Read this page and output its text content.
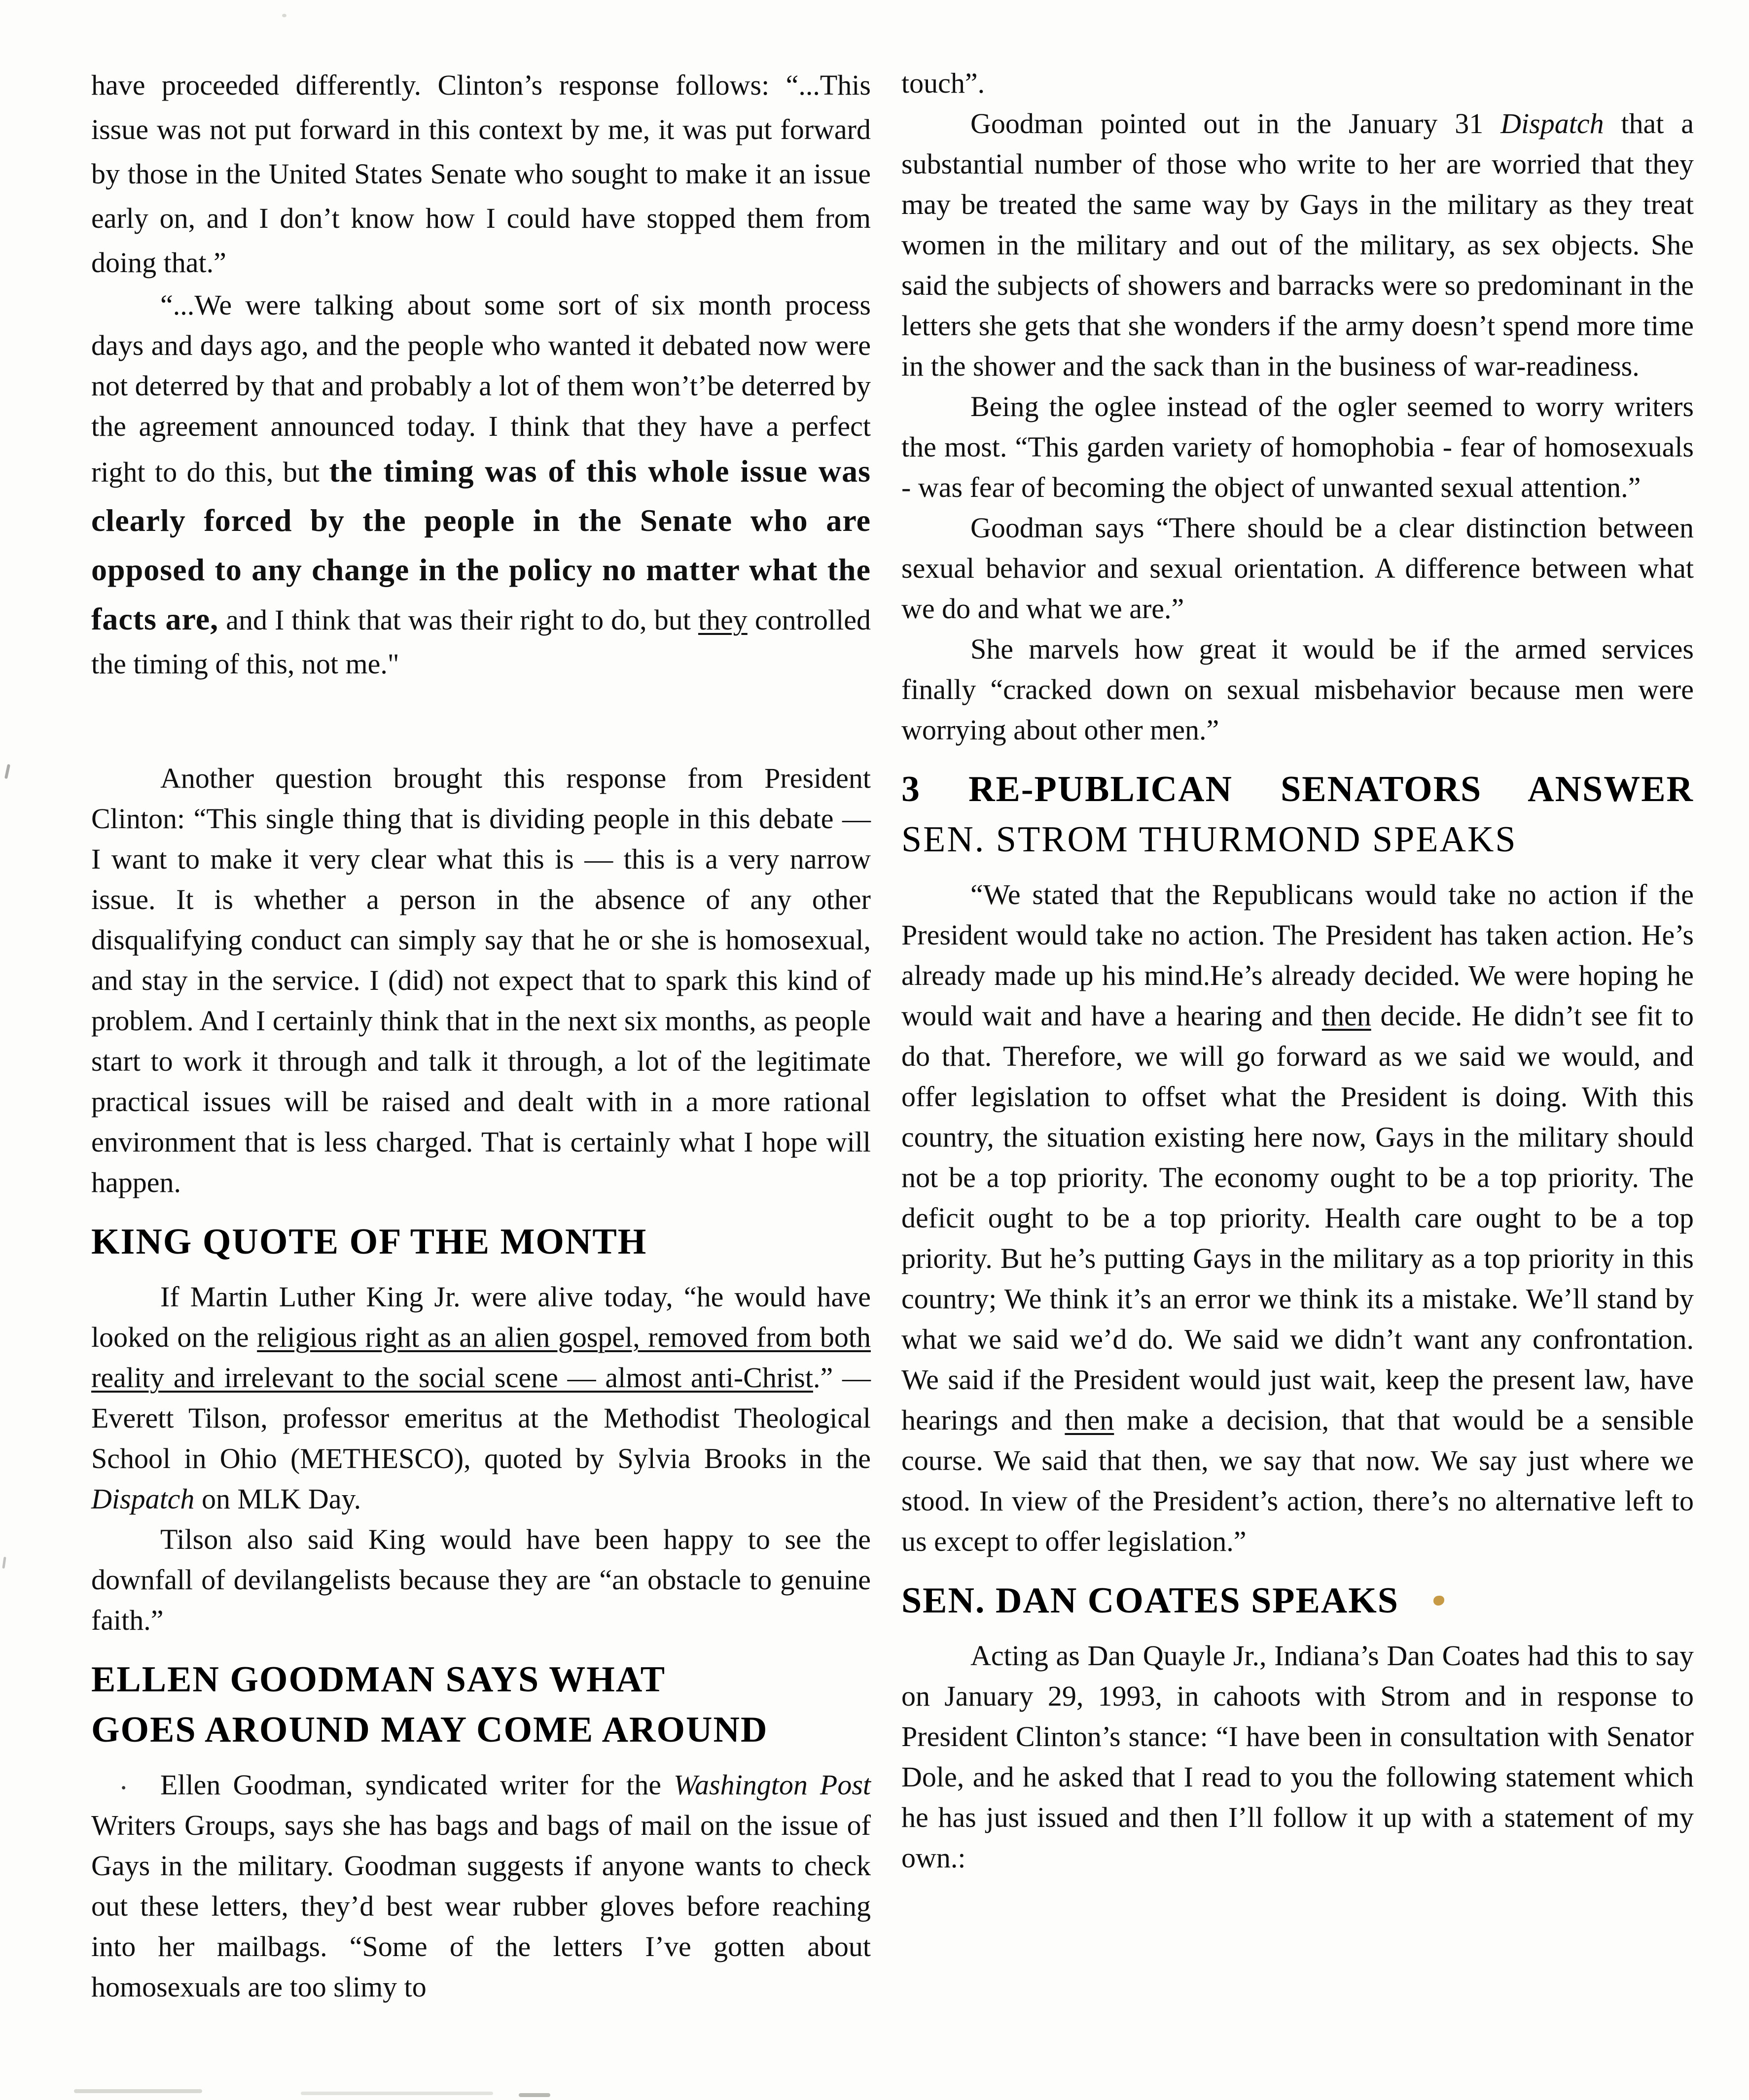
have proceeded differently. Clinton’s response follows: “...This issue was not put forward in this context by me, it was put forward by those in the United States Senate who sought to make it an issue early on, and I don’t know how I could have stopped them from doing that.”

“...We were talking about some sort of six month process days and days ago, and the people who wanted it debated now were not deterred by that and probably a lot of them won’t’be deterred by the agreement announced today. I think that they have a perfect right to do this, but the timing was of this whole issue was clearly forced by the people in the Senate who are opposed to any change in the policy no matter what the facts are, and I think that was their right to do, but they controlled the timing of this, not me."

Another question brought this response from President Clinton: “This single thing that is dividing people in this debate — I want to make it very clear what this is — this is a very narrow issue. It is whether a person in the absence of any other disqualifying conduct can simply say that he or she is homosexual, and stay in the service. I (did) not expect that to spark this kind of problem. And I certainly think that in the next six months, as people start to work it through and talk it through, a lot of the legitimate practical issues will be raised and dealt with in a more rational environment that is less charged. That is certainly what I hope will happen.

KING QUOTE OF THE MONTH

If Martin Luther King Jr. were alive today, “he would have looked on the religious right as an alien gospel, removed from both reality and irrelevant to the social scene — almost anti-Christ.” — Everett Tilson, professor emeritus at the Methodist Theological School in Ohio (METHESCO), quoted by Sylvia Brooks in the Dispatch on MLK Day.

Tilson also said King would have been happy to see the downfall of devilangelists because they are “an obstacle to genuine faith.”

ELLEN GOODMAN SAYS WHAT
GOES AROUND MAY COME AROUND

· Ellen Goodman, syndicated writer for the Washington Post Writers Groups, says she has bags and bags of mail on the issue of Gays in the military. Goodman suggests if anyone wants to check out these letters, they’d best wear rubber gloves before reaching into her mailbags. “Some of the letters I’ve gotten about homosexuals are too slimy to

touch”.

Goodman pointed out in the January 31 Dispatch that a substantial number of those who write to her are worried that they may be treated the same way by Gays in the military as they treat women in the military and out of the military, as sex objects. She said the subjects of showers and barracks were so predominant in the letters she gets that she wonders if the army doesn’t spend more time in the shower and the sack than in the business of war-readiness.

Being the oglee instead of the ogler seemed to worry writers the most. “This garden variety of homophobia - fear of homosexuals - was fear of becoming the object of unwanted sexual attention.”

Goodman says “There should be a clear distinction between sexual behavior and sexual orientation. A difference between what we do and what we are.”

She marvels how great it would be if the armed services finally “cracked down on sexual misbehavior because men were worrying about other men.”

3 RE-PUBLICAN SENATORS ANSWER
SEN. STROM THURMOND SPEAKS

“We stated that the Republicans would take no action if the President would take no action. The President has taken action. He’s already made up his mind.He’s already decided. We were hoping he would wait and have a hearing and then decide. He didn’t see fit to do that. Therefore, we will go forward as we said we would, and offer legislation to offset what the President is doing. With this country, the situation existing here now, Gays in the military should not be a top priority. The economy ought to be a top priority. The deficit ought to be a top priority. Health care ought to be a top priority. But he’s putting Gays in the military as a top priority in this country; We think it’s an error we think its a mistake. We’ll stand by what we said we’d do. We said we didn’t want any confrontation. We said if the President would just wait, keep the present law, have hearings and then make a decision, that that would be a sensible course. We said that then, we say that now. We say just where we stood. In view of the President’s action, there’s no alternative left to us except to offer legislation.”

SEN. DAN COATES SPEAKS

Acting as Dan Quayle Jr., Indiana’s Dan Coates had this to say on January 29, 1993, in cahoots with Strom and in response to President Clinton’s stance: “I have been in consultation with Senator Dole, and he asked that I read to you the following statement which he has just issued and then I’ll follow it up with a statement of my own.:
